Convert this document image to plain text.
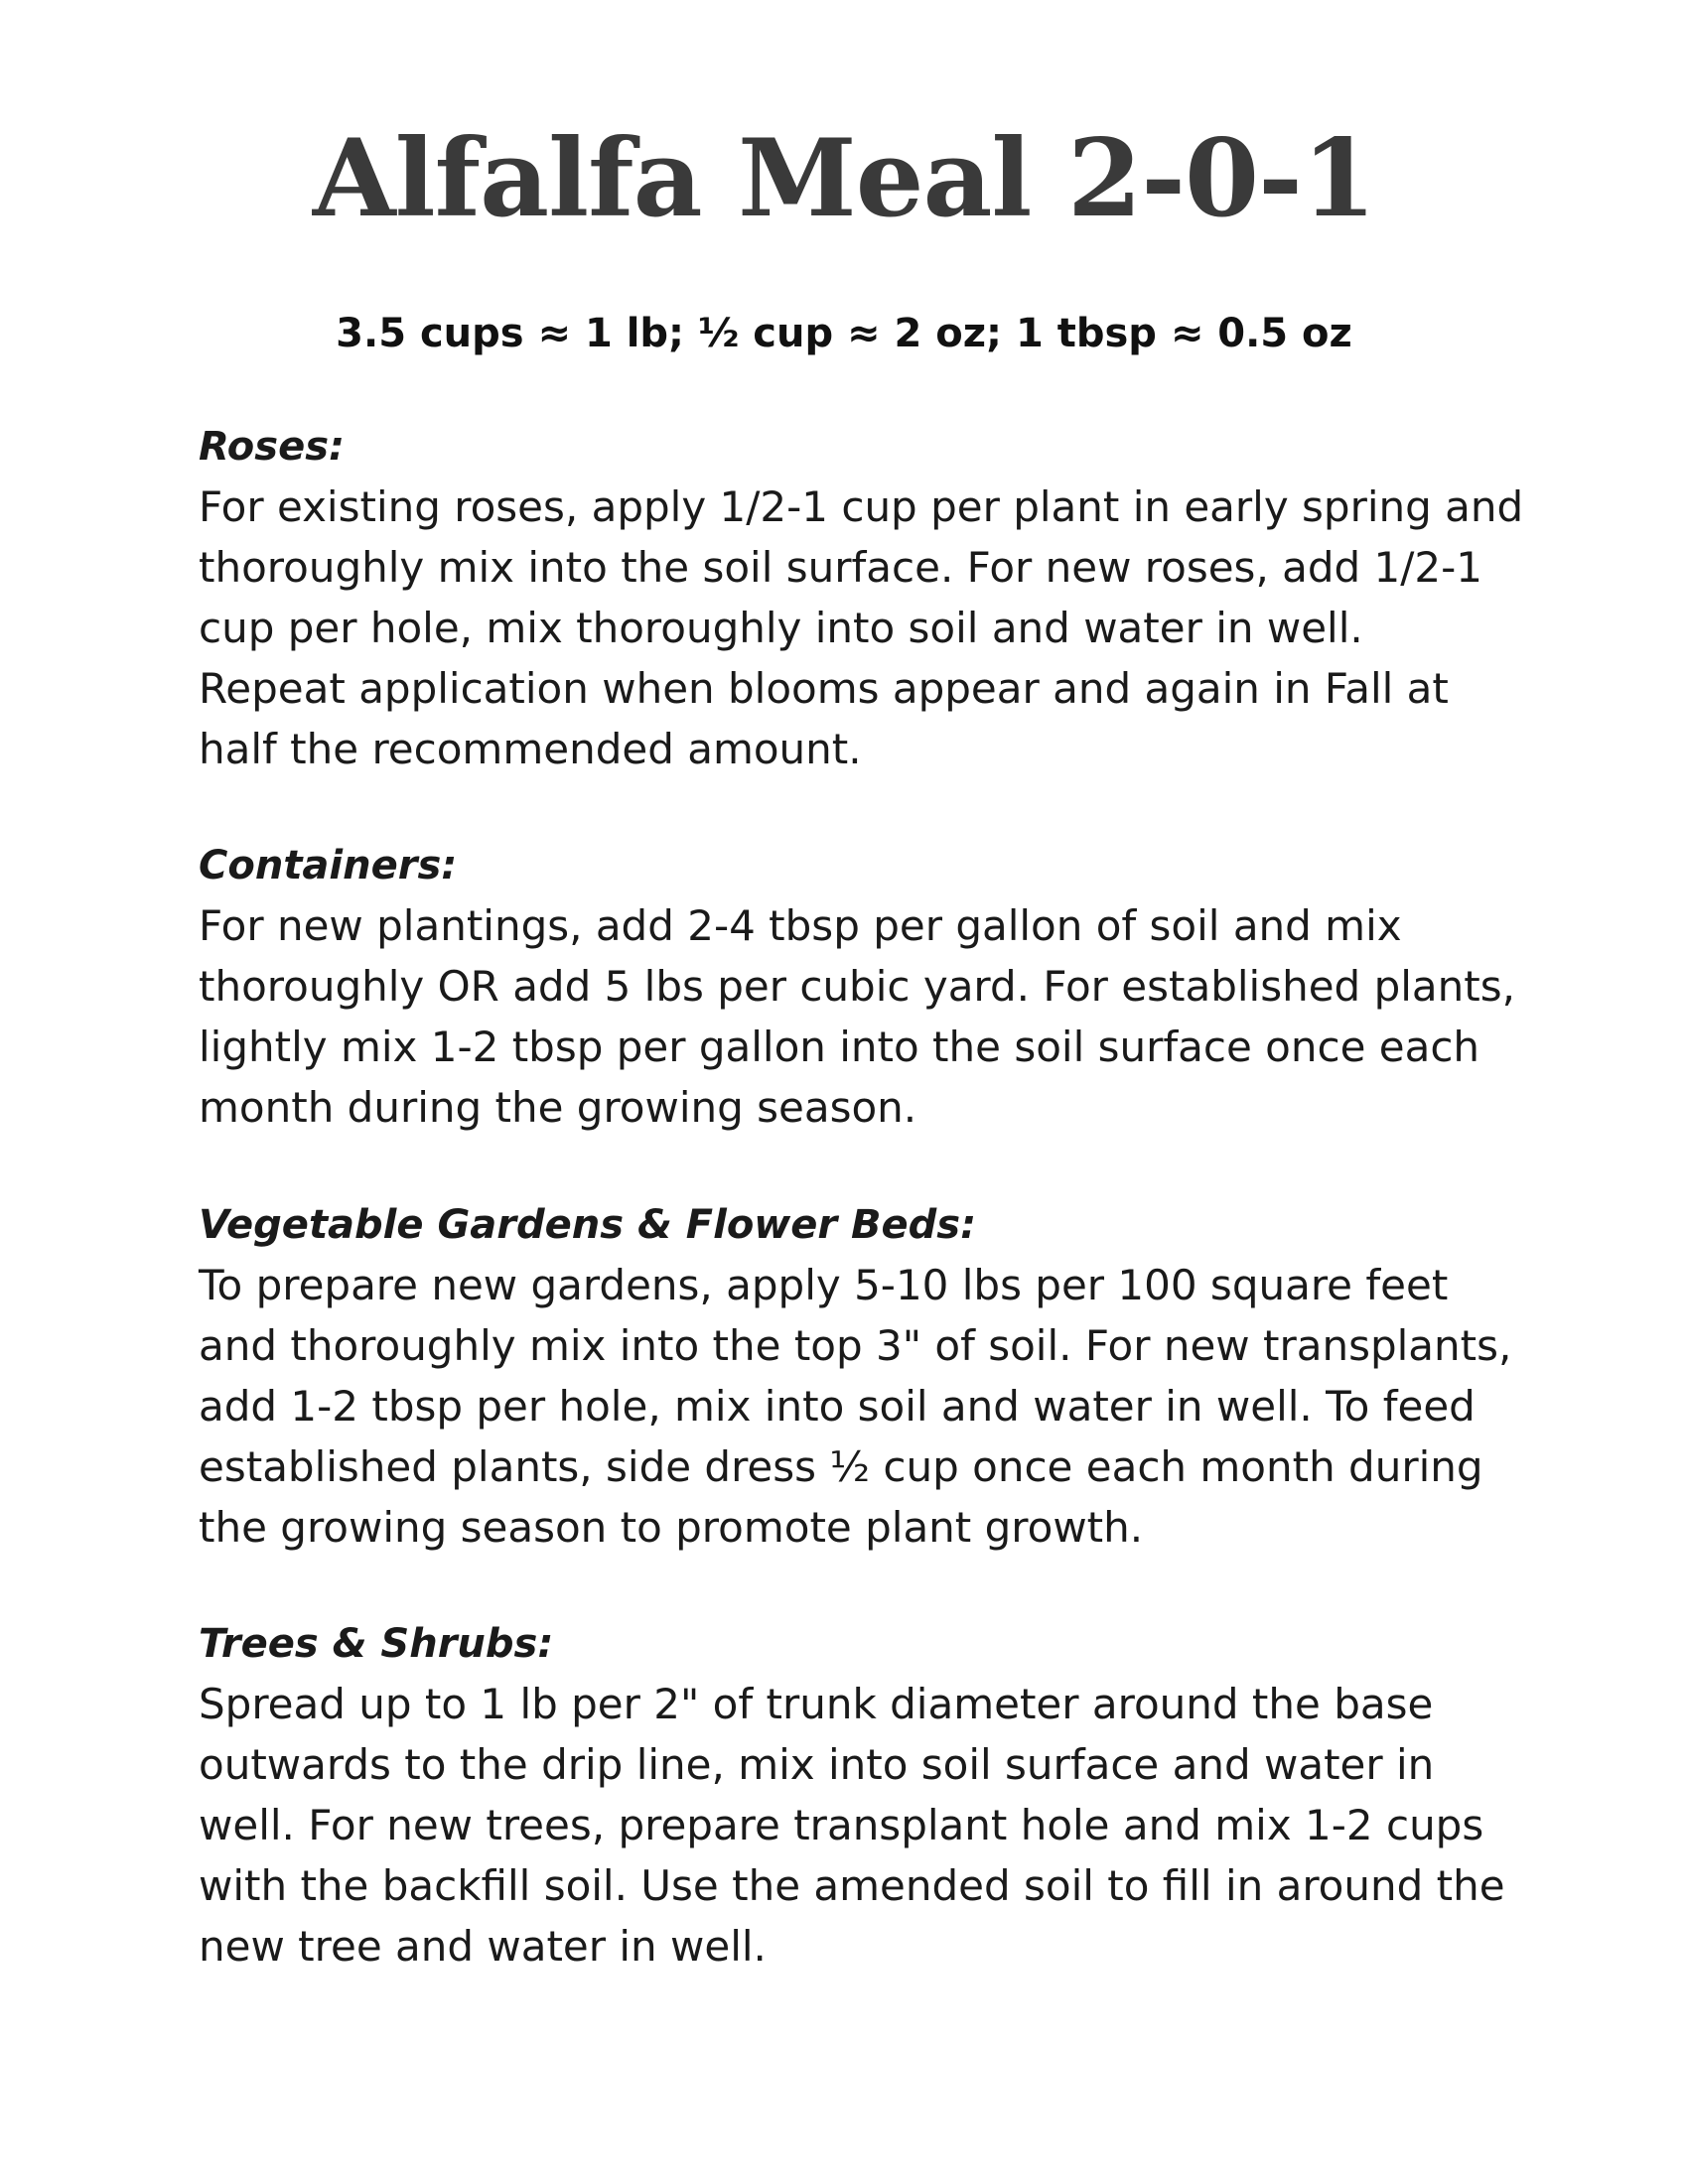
Alfalfa Meal 2-0-1

3.5 cups ≈ 1 lb; ½ cup ≈ 2 oz; 1 tbsp ≈ 0.5 oz

Roses:

For existing roses, apply 1/2-1 cup per plant in early spring and
thoroughly mix into the soil surface. For new roses, add 1/2-1
cup per hole, mix thoroughly into soil and water in well.
Repeat application when blooms appear and again in Fall at
half the recommended amount.

Containers:

For new plantings, add 2-4 tbsp per gallon of soil and mix
thoroughly OR add 5 lbs per cubic yard. For established plants,
lightly mix 1-2 tbsp per gallon into the soil surface once each
month during the growing season.

Vegetable Gardens & Flower Beds:

To prepare new gardens, apply 5-10 lbs per 100 square feet
and thoroughly mix into the top 3" of soil. For new transplants,
add 1-2 tbsp per hole, mix into soil and water in well. To feed
established plants, side dress ½ cup once each month during
the growing season to promote plant growth.

Trees & Shrubs:

Spread up to 1 lb per 2" of trunk diameter around the base
outwards to the drip line, mix into soil surface and water in
well. For new trees, prepare transplant hole and mix 1-2 cups
with the backfill soil. Use the amended soil to fill in around the
new tree and water in well.
